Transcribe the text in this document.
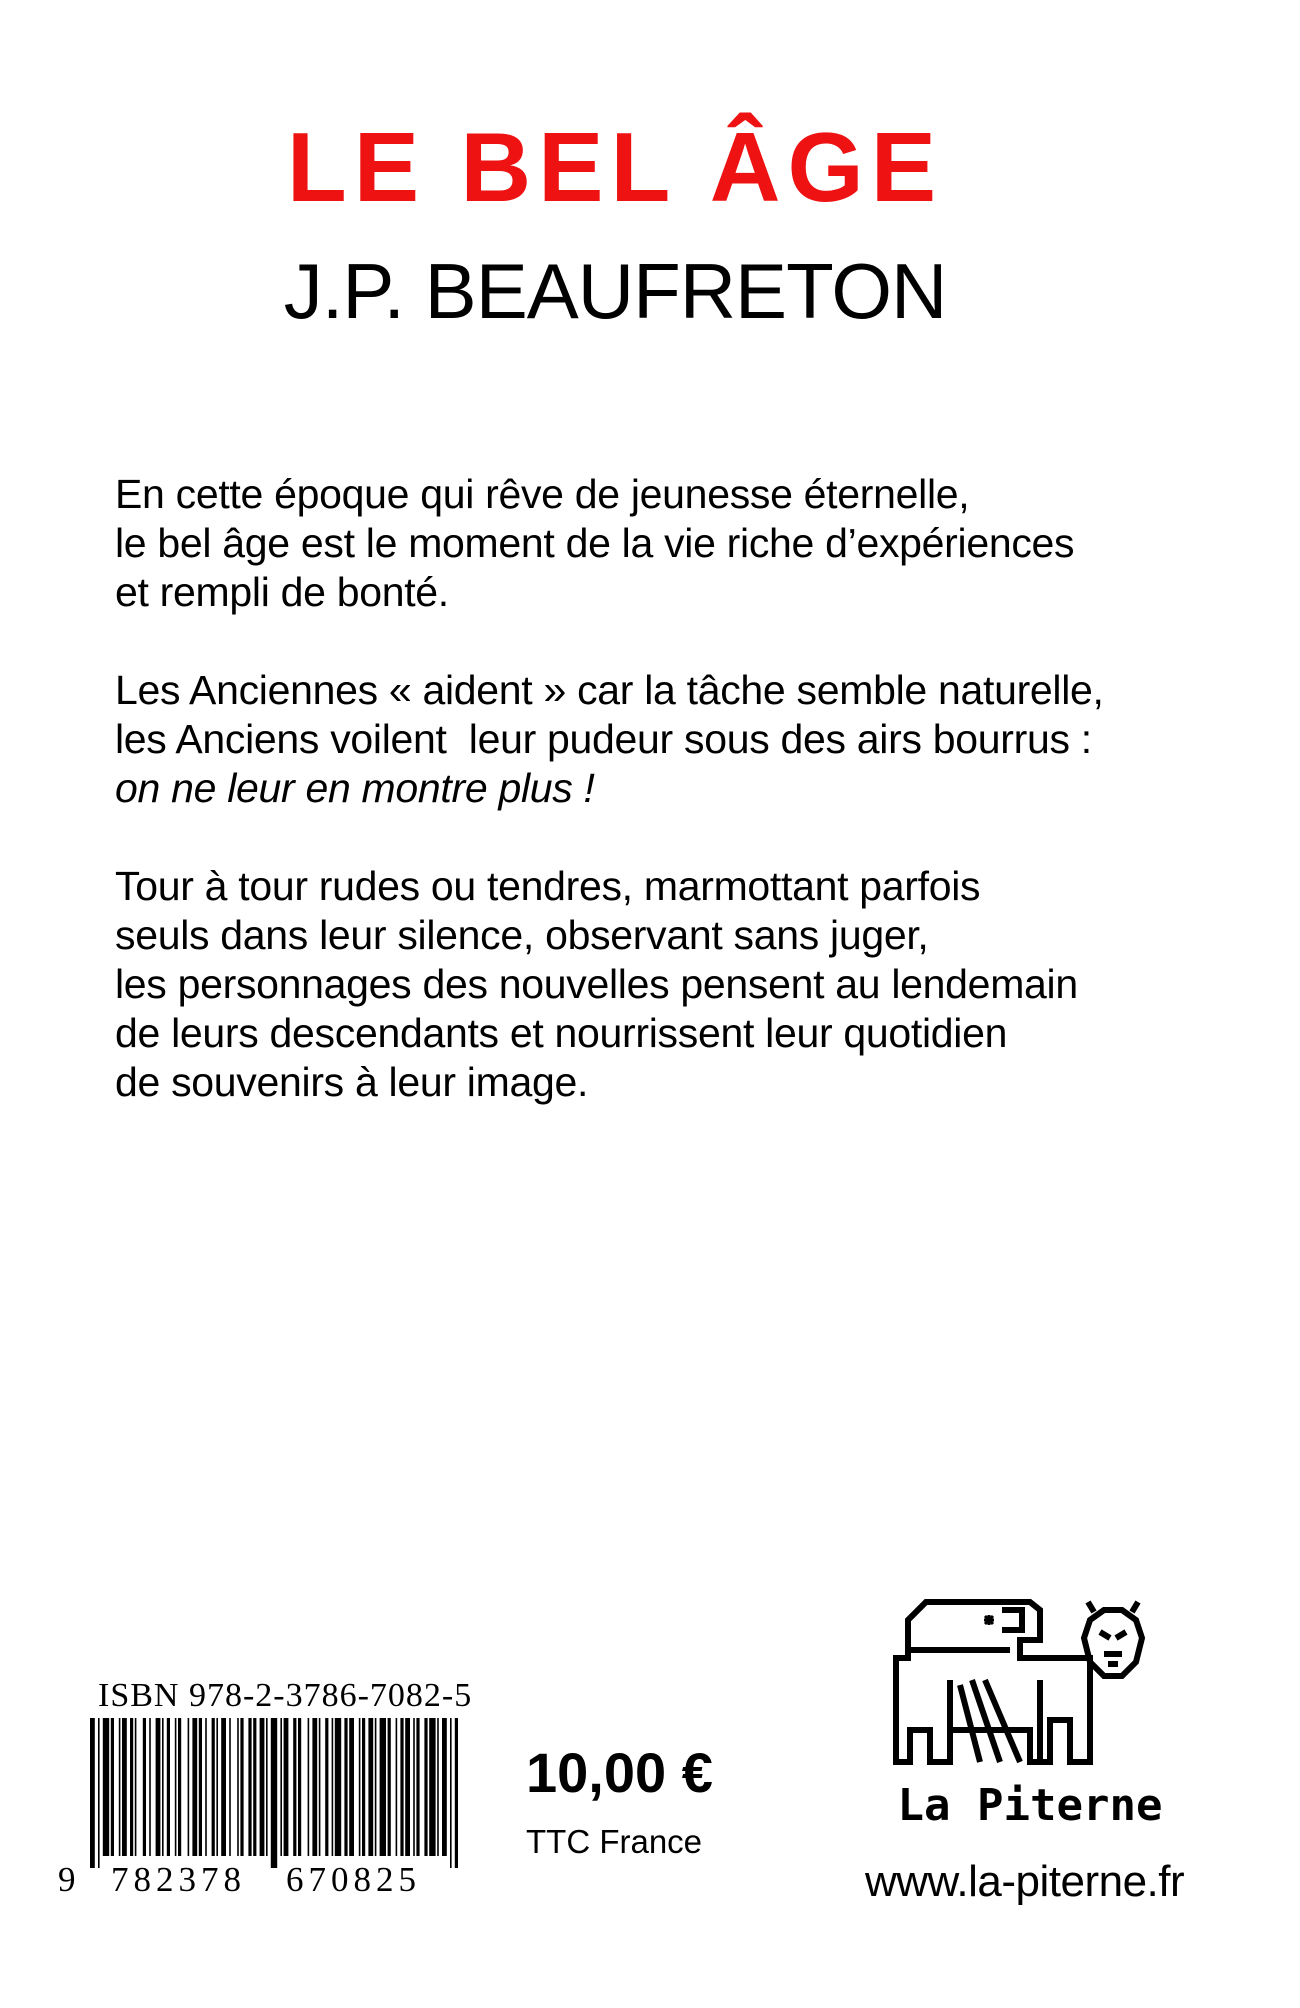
LE BEL ÂGE
J.P. BEAUFRETON
En cette époque qui rêve de jeunesse éternelle,
le bel âge est le moment de la vie riche d’expériences
et rempli de bonté.
Les Anciennes « aident » car la tâche semble naturelle,
les Anciens voilent  leur pudeur sous des airs bourrus :
on ne leur en montre plus !
Tour à tour rudes ou tendres, marmottant parfois
seuls dans leur silence, observant sans juger,
les personnages des nouvelles pensent au lendemain
de leurs descendants et nourrissent leur quotidien
de souvenirs à leur image.
ISBN 978-2-3786-7082-5
9 782378 670825
10,00 €
TTC France
La Piterne
www.la-piterne.fr
